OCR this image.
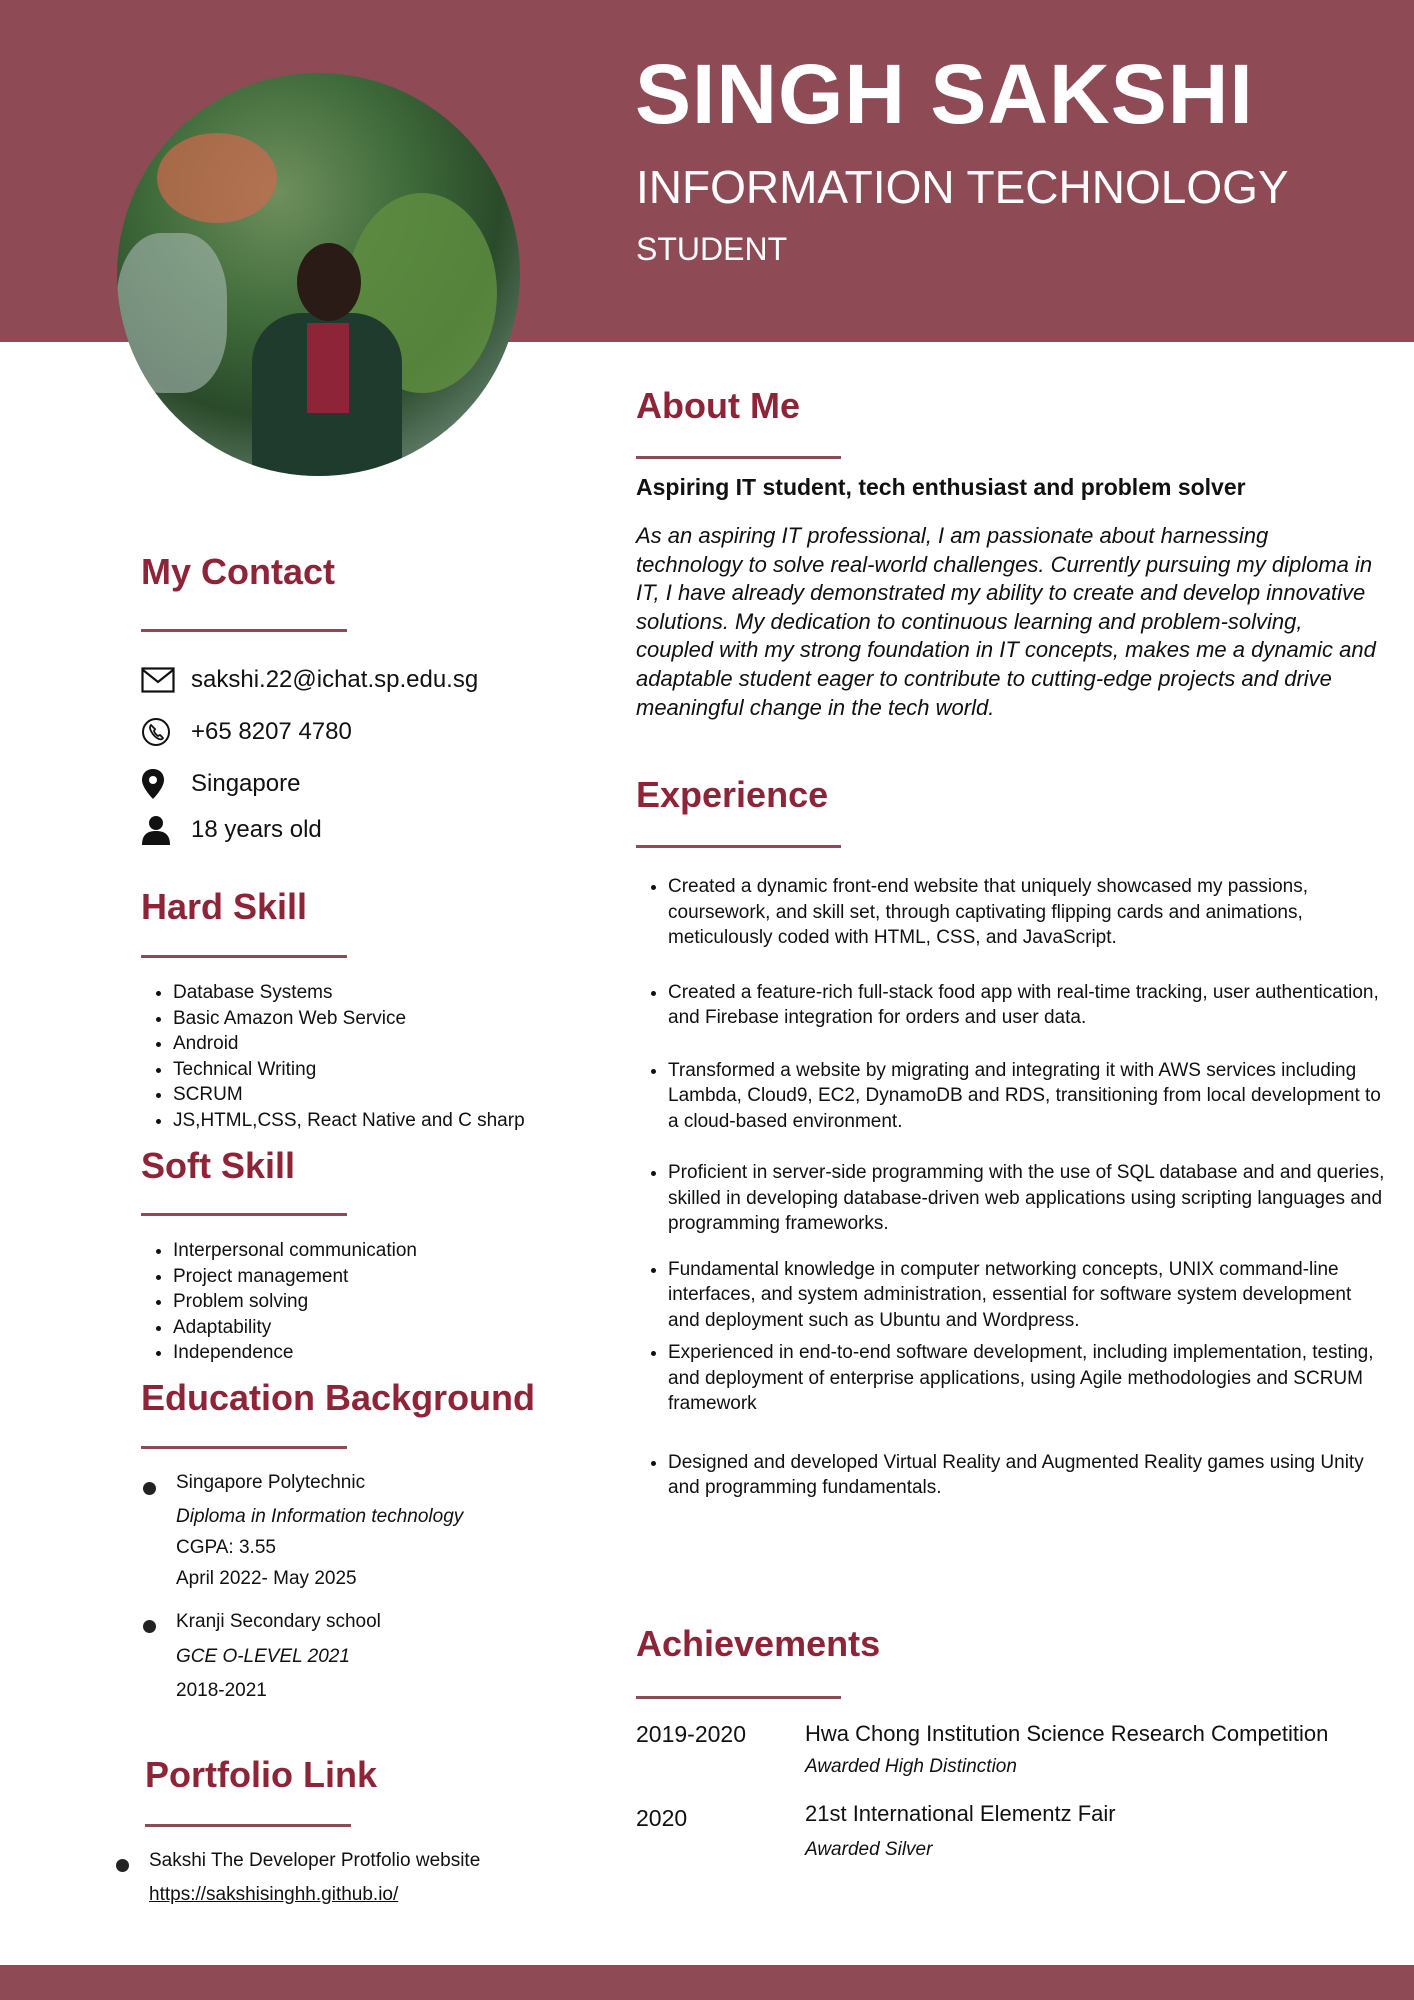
SINGH SAKSHI
INFORMATION TECHNOLOGY
STUDENT
My Contact
sakshi.22@ichat.sp.edu.sg
+65 8207 4780
Singapore
18 years old
Hard Skill
• Database Systems
• Basic Amazon Web Service
• Android
• Technical Writing
• SCRUM
• JS,HTML,CSS, React Native and C sharp
Soft Skill
• Interpersonal communication
• Project management
• Problem solving
• Adaptability
• Independence
Education Background
Singapore Polytechnic
Diploma in Information technology
CGPA: 3.55
April 2022- May 2025
Kranji Secondary school
GCE O-LEVEL 2021
2018-2021
Portfolio Link
Sakshi The Developer Protfolio website
https://sakshisinghh.github.io/
About Me
Aspiring IT student, tech enthusiast and problem solver

As an aspiring IT professional, I am passionate about harnessing technology to solve real-world challenges. Currently pursuing my diploma in IT, I have already demonstrated my ability to create and develop innovative solutions. My dedication to continuous learning and problem-solving, coupled with my strong foundation in IT concepts, makes me a dynamic and adaptable student eager to contribute to cutting-edge projects and drive meaningful change in the tech world.

Experience
• Created a dynamic front-end website that uniquely showcased my passions, coursework, and skill set, through captivating flipping cards and animations, meticulously coded with HTML, CSS, and JavaScript.
• Created a feature-rich full-stack food app with real-time tracking, user authentication, and Firebase integration for orders and user data.
• Transformed a website by migrating and integrating it with AWS services including Lambda, Cloud9, EC2, DynamoDB and RDS, transitioning from local development to a cloud-based environment.
• Proficient in server-side programming with the use of SQL database and and queries, skilled in developing database-driven web applications using scripting languages and programming frameworks.
• Fundamental knowledge in computer networking concepts, UNIX command-line interfaces, and system administration, essential for software system development and deployment such as Ubuntu and Wordpress.
• Experienced in end-to-end software development, including implementation, testing, and deployment of enterprise applications, using Agile methodologies and SCRUM framework
• Designed and developed Virtual Reality and Augmented Reality games using Unity and programming fundamentals.
Achievements
2019-2020	Hwa Chong Institution Science Research Competition
Awarded High Distinction
2020	21st International Elementz Fair
Awarded Silver
